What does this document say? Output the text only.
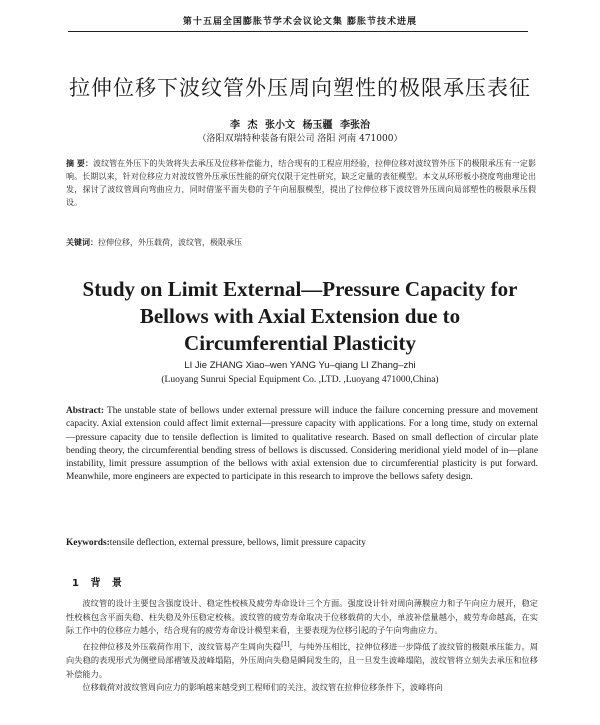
第十五届全国膨胀节学术会议论文集 膨胀节技术进展
拉伸位移下波纹管外压周向塑性的极限承压表征
李 杰 张小文 杨玉疆 李张治
（洛阳双瑞特种装备有限公司 洛阳 河南 471000）
摘 要：波纹管在外压下的失效将失去承压及位移补偿能力，结合现有的工程应用经验，拉伸位移对波纹管外压下的极限承压有一定影响。长期以来，针对位移应力对波纹管外压承压性能的研究仅限于定性研究，缺乏定量的表征模型。本文从环形板小挠度弯曲理论出发，探讨了波纹管周向弯曲应力，同时借鉴平面失稳的子午向屈服模型，提出了拉伸位移下波纹管外压周向局部塑性的极限承压假设。
关键词：拉伸位移，外压载荷，波纹管，极限承压
Study on Limit External—Pressure Capacity for
Bellows with Axial Extension due to
Circumferential Plasticity
LI Jie ZHANG Xiao–wen YANG Yu–qiang LI Zhang–zhi
(Luoyang Sunrui Special Equipment Co. ,LTD. ,Luoyang 471000,China)
Abstract: The unstable state of bellows under external pressure will induce the failure concerning pressure and movement capacity. Axial extension could affect limit external—pressure capacity with applications. For a long time, study on external—pressure capacity due to tensile deflection is limited to qualitative research. Based on small deflection of circular plate bending theory, the circumferential bending stress of bellows is discussed. Considering meridional yield model of in—plane instability, limit pressure assumption of the bellows with axial extension due to circumferential plasticity is put forward. Meanwhile, more engineers are expected to participate in this research to improve the bellows safety design.
Keywords:tensile deflection, external pressure, bellows, limit pressure capacity
1 背 景

波纹管的设计主要包含强度设计、稳定性校核及疲劳寿命设计三个方面。强度设计针对周向薄膜应力和子午向应力展开，稳定性校核包含平面失稳、柱失稳及外压稳定校核。波纹管的疲劳寿命取决于位移载荷的大小，单波补偿量越小，疲劳寿命越高，在实际工作中的位移应力越小，结合现有的疲劳寿命设计模型来看，主要表现为位移引起的子午向弯曲应力。

在拉伸位移及外压载荷作用下，波纹管易产生周向失稳[1]，与纯外压相比，拉伸位移进一步降低了波纹管的极限承压能力。周向失稳的表现形式为侧壁局部褶皱及波峰塌陷，外压周向失稳是瞬间发生的，且一旦发生波峰塌陷，波纹管将立刻失去承压和位移补偿能力。

位移载荷对波纹管周向应力的影响越来越受到工程师们的关注，波纹管在拉伸位移条件下，波峰将向
